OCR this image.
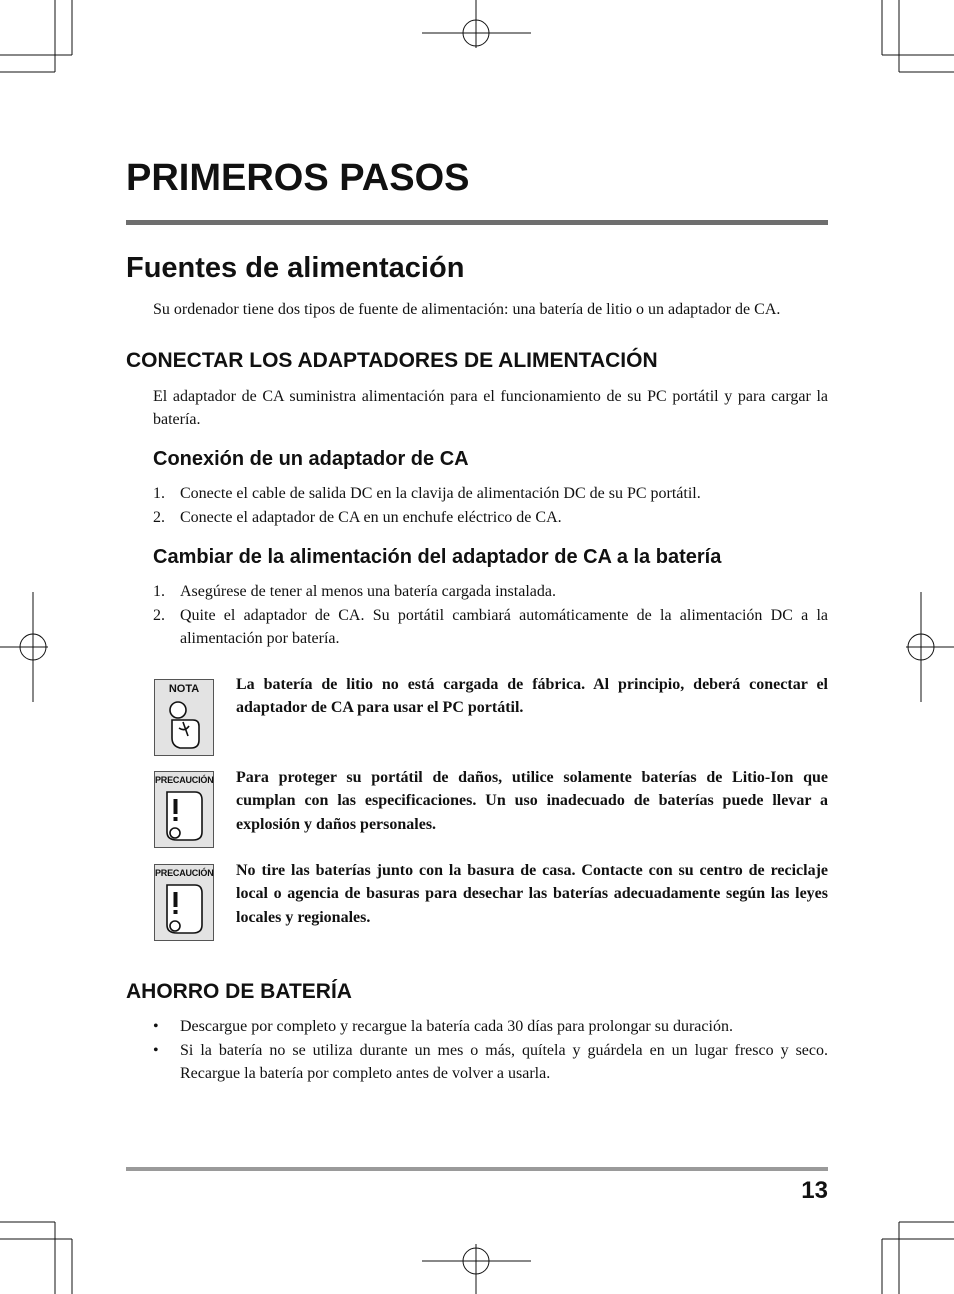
PRIMEROS PASOS
Fuentes de alimentación

Su ordenador tiene dos tipos de fuente de alimentación: una batería de litio o un adaptador de CA.

CONECTAR LOS ADAPTADORES DE ALIMENTACIÓN

El adaptador de CA suministra alimentación para el funcionamiento de su PC portátil y para cargar la batería.

Conexión de un adaptador de CA
1. Conecte el cable de salida DC en la clavija de alimentación DC de su PC portátil.
2. Conecte el adaptador de CA en un enchufe eléctrico de CA.
Cambiar de la alimentación del adaptador de CA a la batería
1. Asegúrese de tener al menos una batería cargada instalada.
2. Quite el adaptador de CA. Su portátil cambiará automáticamente de la alimentación DC a la alimentación por batería.
NOTA	La batería de litio no está cargada de fábrica. Al principio, deberá conectar el adaptador de CA para usar el PC portátil.

PRECAUCIÓN Para proteger su portátil de daños, utilice solamente baterías de Litio-Ion que cumplan con las especificaciones. Un uso inadecuado de baterías puede llevar a explosión y daños personales.

PRECAUCIÓN No tire las baterías junto con la basura de casa. Contacte con su centro de reciclaje local o agencia de basuras para desechar las baterías adecuadamente según las leyes locales y regionales.

AHORRO DE BATERÍA
• Descargue por completo y recargue la batería cada 30 días para prolongar su duración.
• Si la batería no se utiliza durante un mes o más, quítela y guárdela en un lugar fresco y seco. Recargue la batería por completo antes de volver a usarla.

13
